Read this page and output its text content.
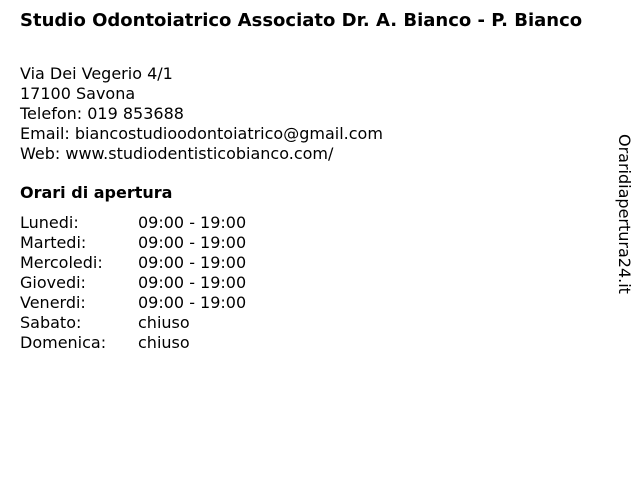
Studio Odontoiatrico Associato Dr. A. Bianco - P. Bianco
Via Dei Vegerio 4/1
17100 Savona
Telefon: 019 853688
Email: biancostudioodontoiatrico@gmail.com
Web: www.studiodentisticobianco.com/
Orari di apertura
Lunedi:	09:00 - 19:00
Martedi:	09:00 - 19:00
Mercoledi:	09:00 - 19:00
Giovedi:	09:00 - 19:00
Venerdi:	09:00 - 19:00
Sabato:	chiuso
Domenica:	chiuso
Oraridiapertura24.it
